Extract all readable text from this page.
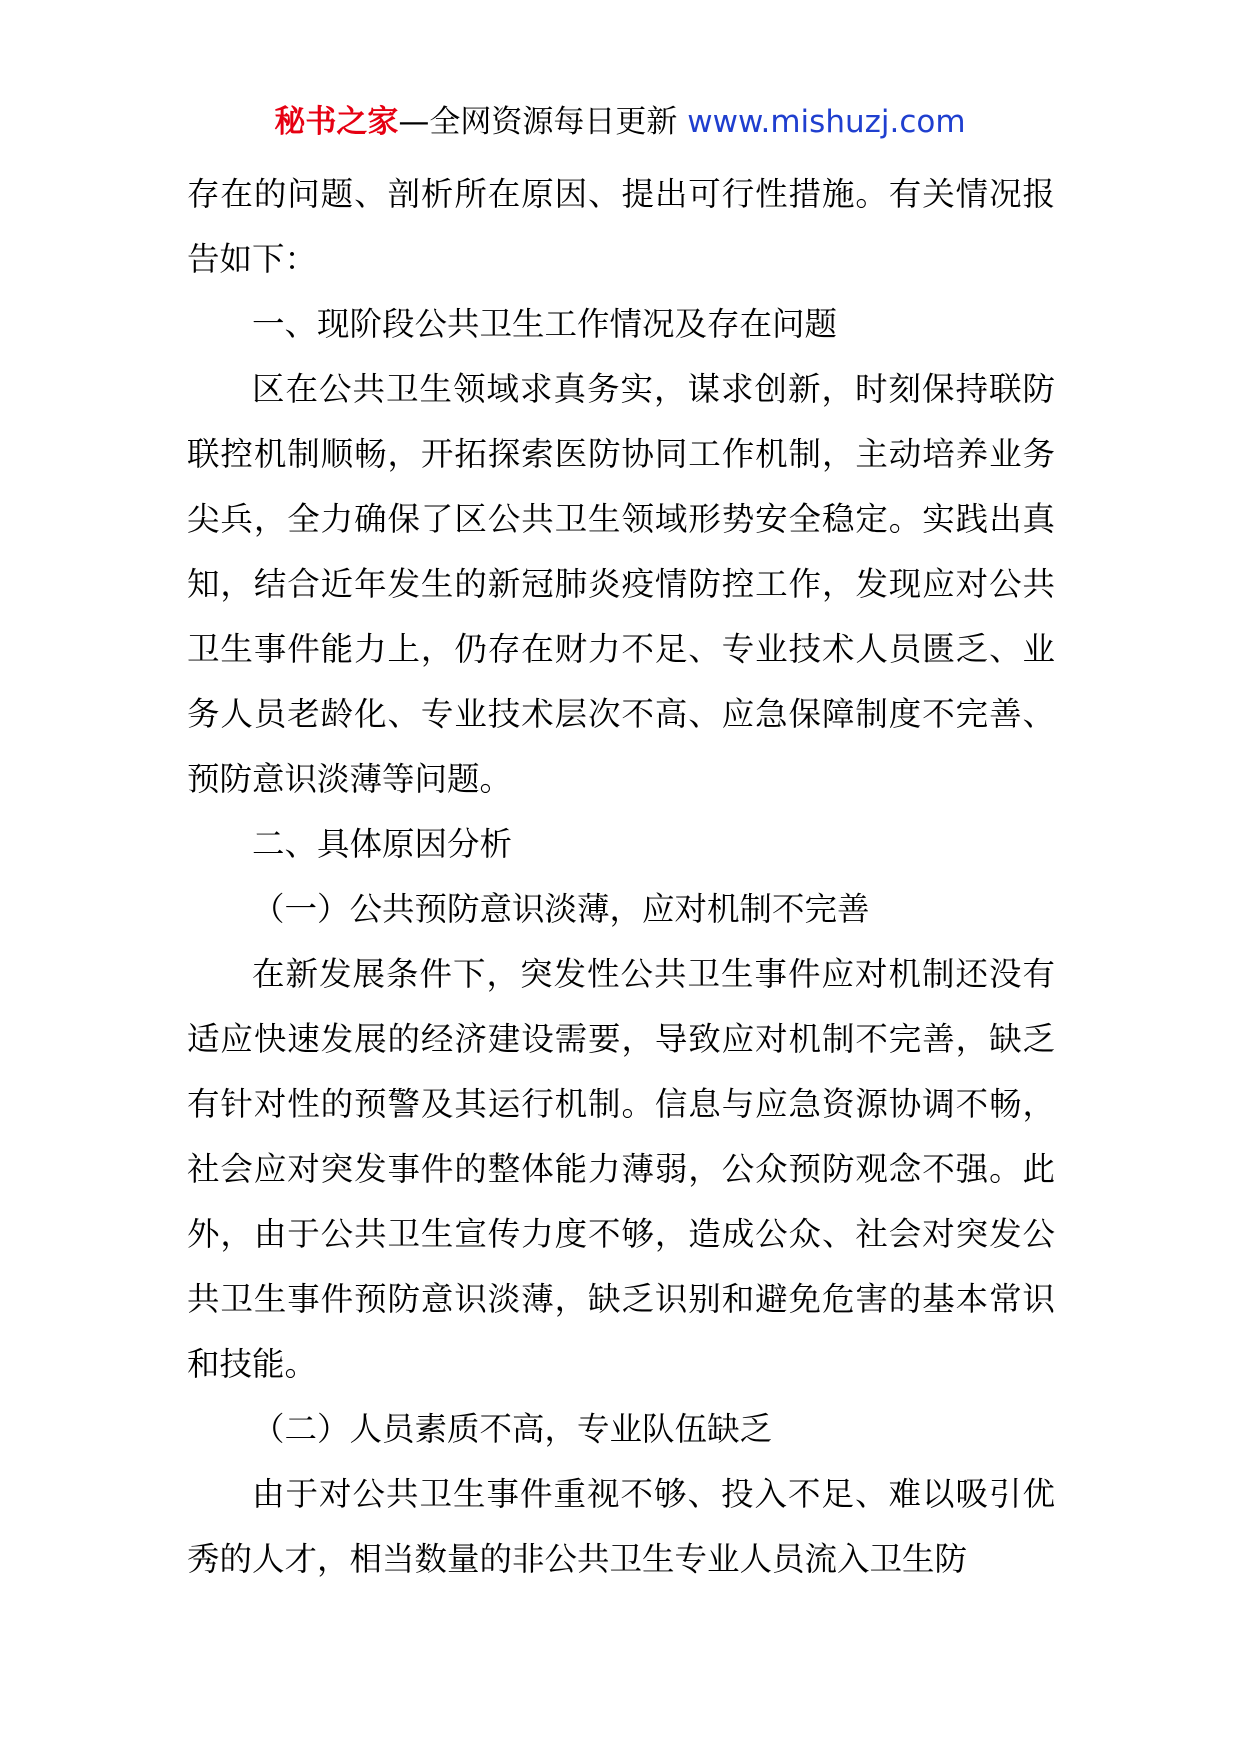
秘书之家—全网资源每日更新 www.mishuzj.com

存在的问题、剖析所在原因、提出可行性措施。有关情况报告如下：

一、现阶段公共卫生工作情况及存在问题

区在公共卫生领域求真务实，谋求创新，时刻保持联防联控机制顺畅，开拓探索医防协同工作机制，主动培养业务尖兵，全力确保了区公共卫生领域形势安全稳定。实践出真知，结合近年发生的新冠肺炎疫情防控工作，发现应对公共卫生事件能力上，仍存在财力不足、专业技术人员匮乏、业务人员老龄化、专业技术层次不高、应急保障制度不完善、预防意识淡薄等问题。

二、具体原因分析

（一）公共预防意识淡薄，应对机制不完善

在新发展条件下，突发性公共卫生事件应对机制还没有适应快速发展的经济建设需要，导致应对机制不完善，缺乏有针对性的预警及其运行机制。信息与应急资源协调不畅，社会应对突发事件的整体能力薄弱，公众预防观念不强。此外，由于公共卫生宣传力度不够，造成公众、社会对突发公共卫生事件预防意识淡薄，缺乏识别和避免危害的基本常识和技能。

（二）人员素质不高，专业队伍缺乏

由于对公共卫生事件重视不够、投入不足、难以吸引优秀的人才，相当数量的非公共卫生专业人员流入卫生防
